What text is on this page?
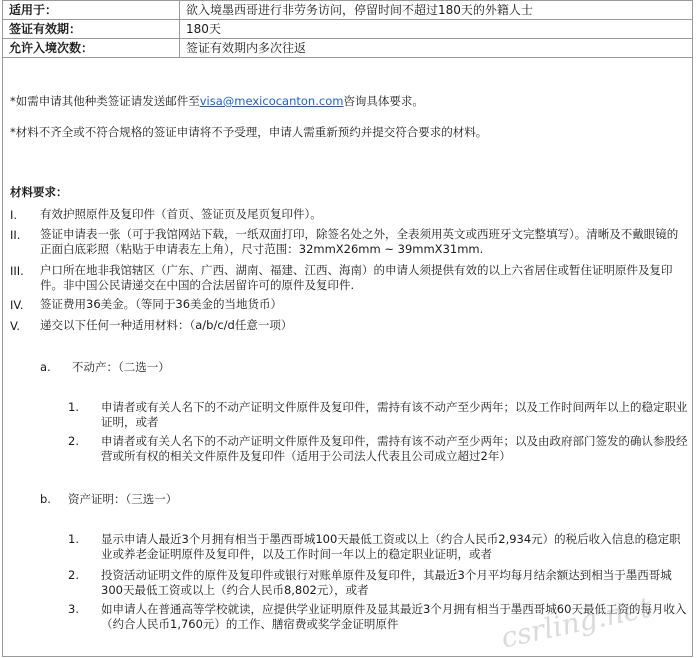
适用于：	欲入境墨西哥进行非劳务访问，停留时间不超过180天的外籍人士
签证有效期：	180天
允许入境次数：	签证有效期内多次往返
*如需申请其他种类签证请发送邮件至visa@mexicocanton.com咨询具体要求。
*材料不齐全或不符合规格的签证申请将不予受理，申请人需重新预约并提交符合要求的材料。
材料要求：
I. 有效护照原件及复印件（首页、签证页及尾页复印件）。
II. 签证申请表一张（可于我馆网站下载，一纸双面打印，除签名处之外，全表须用英文或西班牙文完整填写）。清晰及不戴眼镜的正面白底彩照（粘贴于申请表左上角），尺寸范围：32mmX26mm ~ 39mmX31mm.
III. 户口所在地非我馆辖区（广东、广西、湖南、福建、江西、海南）的申请人须提供有效的以上六省居住或暂住证明原件及复印件。非中国公民请递交在中国的合法居留许可的原件及复印件.
IV. 签证费用36美金。（等同于36美金的当地货币）
V. 递交以下任何一种适用材料：（a/b/c/d任意一项）
a. 不动产：（二选一）
1. 申请者或有关人名下的不动产证明文件原件及复印件，需持有该不动产至少两年；以及工作时间两年以上的稳定职业证明，或者
2. 申请者或有关人名下的不动产证明文件原件及复印件，需持有该不动产至少两年；以及由政府部门签发的确认参股经营或所有权的相关文件原件及复印件（适用于公司法人代表且公司成立超过2年）
b. 资产证明：（三选一）
1. 显示申请人最近3个月拥有相当于墨西哥城100天最低工资或以上（约合人民币2,934元）的税后收入信息的稳定职业或养老金证明原件及复印件，以及工作时间一年以上的稳定职业证明，或者
2. 投资活动证明文件的原件及复印件或银行对账单原件及复印件，其最近3个月平均每月结余额达到相当于墨西哥城300天最低工资或以上（约合人民币8,802元），或者
3. 如申请人在普通高等学校就读，应提供学业证明原件及显其最近3个月拥有相当于墨西哥城60天最低工资的每月收入（约合人民币1,760元）的工作、膳宿费或奖学金证明原件	csrling.net
